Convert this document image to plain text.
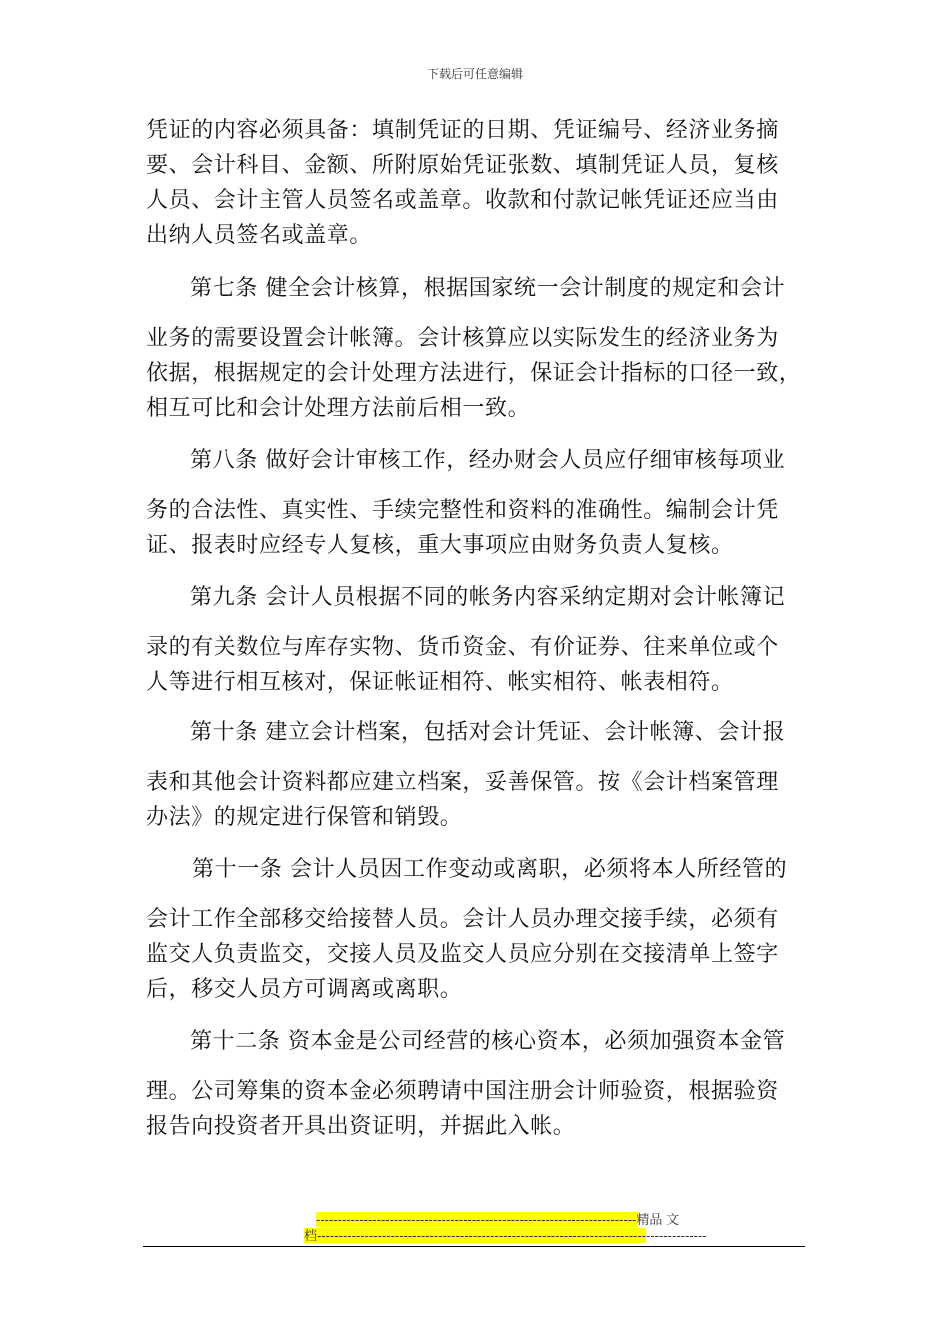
下载后可任意编辑
凭证的内容必须具备：填制凭证的日期、凭证编号、经济业务摘
要、会计科目、金额、所附原始凭证张数、填制凭证人员，复核
人员、会计主管人员签名或盖章。收款和付款记帐凭证还应当由
出纳人员签名或盖章。
第七条 健全会计核算，根据国家统一会计制度的规定和会计
业务的需要设置会计帐簿。会计核算应以实际发生的经济业务为
依据，根据规定的会计处理方法进行，保证会计指标的口径一致，
相互可比和会计处理方法前后相一致。
第八条 做好会计审核工作，经办财会人员应仔细审核每项业
务的合法性、真实性、手续完整性和资料的准确性。编制会计凭
证、报表时应经专人复核，重大事项应由财务负责人复核。
第九条 会计人员根据不同的帐务内容采纳定期对会计帐簿记
录的有关数位与库存实物、货币资金、有价证券、往来单位或个
人等进行相互核对，保证帐证相符、帐实相符、帐表相符。
第十条 建立会计档案，包括对会计凭证、会计帐簿、会计报
表和其他会计资料都应建立档案，妥善保管。按《会计档案管理
办法》的规定进行保管和销毁。
第十一条 会计人员因工作变动或离职，必须将本人所经管的
会计工作全部移交给接替人员。会计人员办理交接手续，必须有
监交人负责监交，交接人员及监交人员应分别在交接清单上签字
后，移交人员方可调离或离职。
第十二条 资本金是公司经营的核心资本，必须加强资本金管
理。公司筹集的资本金必须聘请中国注册会计师验资，根据验资
报告向投资者开具出资证明，并据此入帐。
--------------------------------------------------------------------------精品 文
档------------------------------------------------------------------------------------------
